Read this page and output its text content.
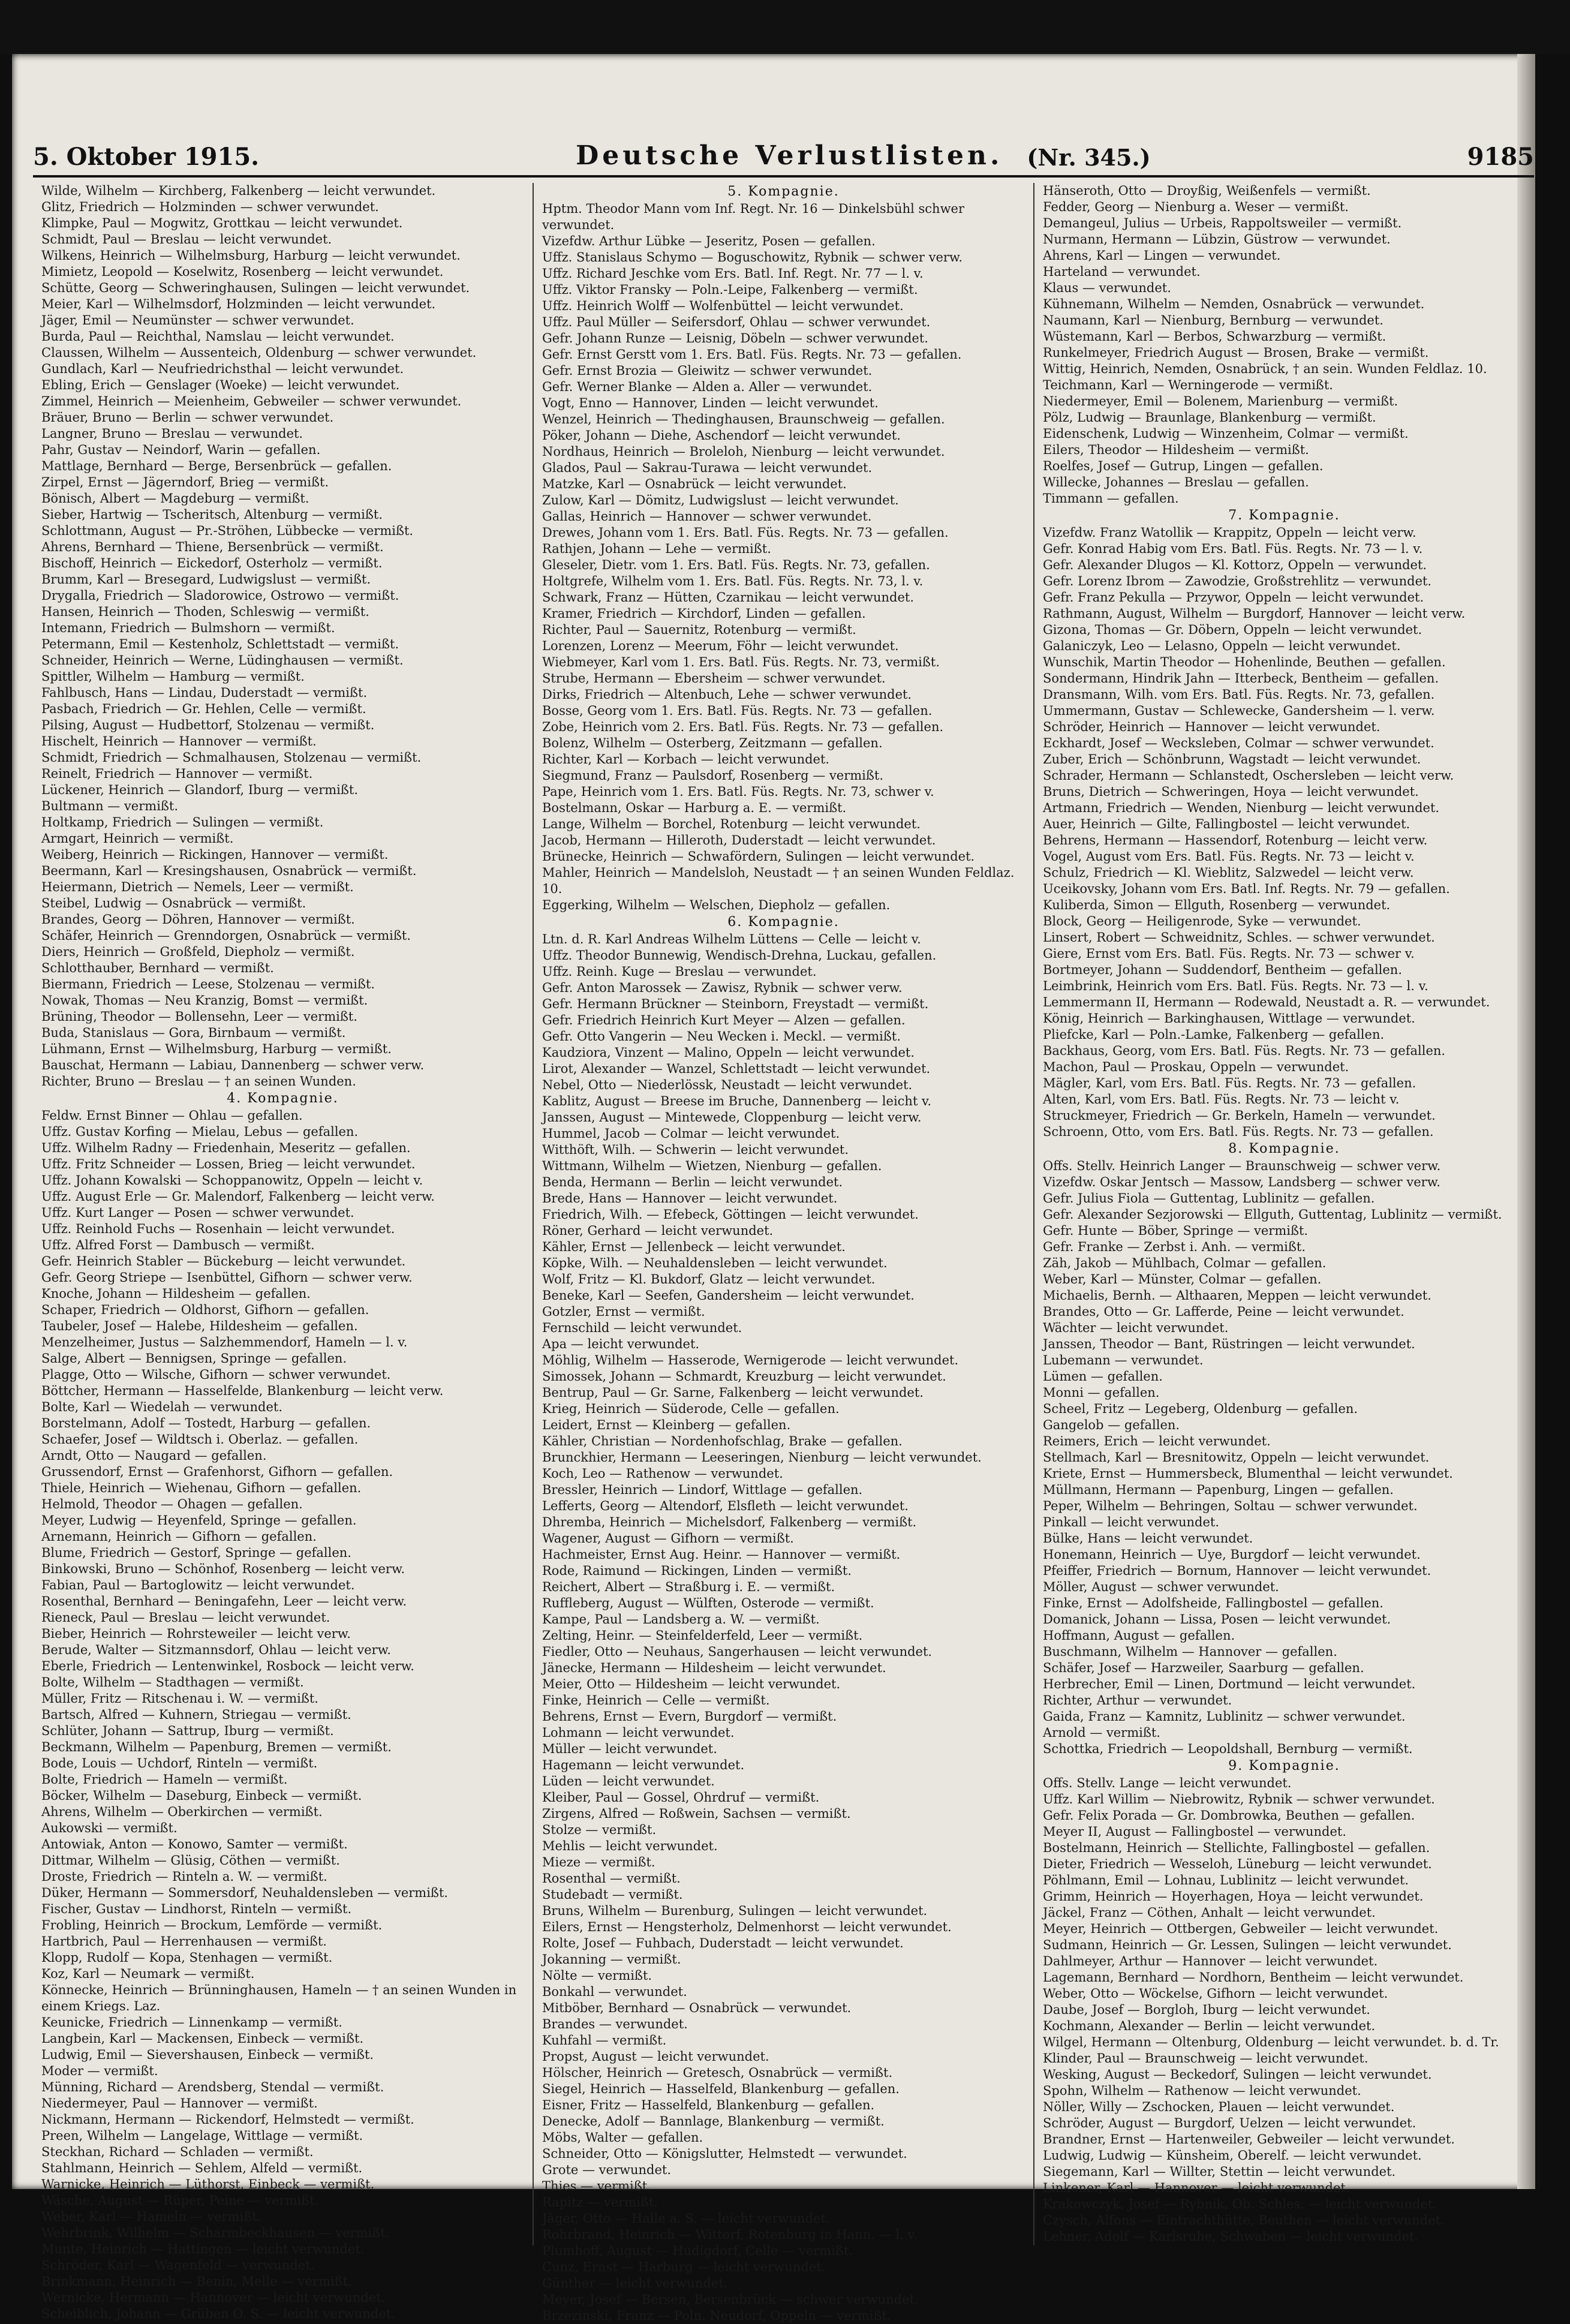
5. Oktober 1915.	Deutsche Verlustlisten. (Nr. 345.)	9185
Wilde, Wilhelm — Kirchberg, Falkenberg — leicht verwundet.
Glitz, Friedrich — Holzminden — schwer verwundet.
Klimpke, Paul — Mogwitz, Grottkau — leicht verwundet.
Schmidt, Paul — Breslau — leicht verwundet.
Wilkens, Heinrich — Wilhelmsburg, Harburg — leicht verwundet.
Mimietz, Leopold — Koselwitz, Rosenberg — leicht verwundet.
Schütte, Georg — Schweringhausen, Sulingen — leicht verwundet.
Meier, Karl — Wilhelmsdorf, Holzminden — leicht verwundet.
Jäger, Emil — Neumünster — schwer verwundet.
Burda, Paul — Reichthal, Namslau — leicht verwundet.
Claussen, Wilhelm — Aussenteich, Oldenburg — schwer verwundet.
Gundlach, Karl — Neufriedrichsthal — leicht verwundet.
Ebling, Erich — Genslager (Woeke) — leicht verwundet.
Zimmel, Heinrich — Meienheim, Gebweiler — schwer verwundet.
Bräuer, Bruno — Berlin — schwer verwundet.
Langner, Bruno — Breslau — verwundet.
Pahr, Gustav — Neindorf, Warin — gefallen.
Mattlage, Bernhard — Berge, Bersenbrück — gefallen.
Zirpel, Ernst — Jägerndorf, Brieg — vermißt.
Bönisch, Albert — Magdeburg — vermißt.
Sieber, Hartwig — Tscheritsch, Altenburg — vermißt.
Schlottmann, August — Pr.-Ströhen, Lübbecke — vermißt.
Ahrens, Bernhard — Thiene, Bersenbrück — vermißt.
Bischoff, Heinrich — Eickedorf, Osterholz — vermißt.
Brumm, Karl — Bresegard, Ludwigslust — vermißt.
Drygalla, Friedrich — Sladorowice, Ostrowo — vermißt.
Hansen, Heinrich — Thoden, Schleswig — vermißt.
Intemann, Friedrich — Bulmshorn — vermißt.
Petermann, Emil — Kestenholz, Schlettstadt — vermißt.
Schneider, Heinrich — Werne, Lüdinghausen — vermißt.
Spittler, Wilhelm — Hamburg — vermißt.
Fahlbusch, Hans — Lindau, Duderstadt — vermißt.
Pasbach, Friedrich — Gr. Hehlen, Celle — vermißt.
Pilsing, August — Hudbettorf, Stolzenau — vermißt.
Hischelt, Heinrich — Hannover — vermißt.
Schmidt, Friedrich — Schmalhausen, Stolzenau — vermißt.
Reinelt, Friedrich — Hannover — vermißt.
Lückener, Heinrich — Glandorf, Iburg — vermißt.
Bultmann — vermißt.
Holtkamp, Friedrich — Sulingen — vermißt.
Armgart, Heinrich — vermißt.
Weiberg, Heinrich — Rickingen, Hannover — vermißt.
Beermann, Karl — Kresingshausen, Osnabrück — vermißt.
Heiermann, Dietrich — Nemels, Leer — vermißt.
Steibel, Ludwig — Osnabrück — vermißt.
Brandes, Georg — Döhren, Hannover — vermißt.
Schäfer, Heinrich — Grenndorgen, Osnabrück — vermißt.
Diers, Heinrich — Großfeld, Diepholz — vermißt.
Schlotthauber, Bernhard — vermißt.
Biermann, Friedrich — Leese, Stolzenau — vermißt.
Nowak, Thomas — Neu Kranzig, Bomst — vermißt.
Brüning, Theodor — Bollensehn, Leer — vermißt.
Buda, Stanislaus — Gora, Birnbaum — vermißt.
Lühmann, Ernst — Wilhelmsburg, Harburg — vermißt.
Bauschat, Hermann — Labiau, Dannenberg — schwer verw.
Richter, Bruno — Breslau — † an seinen Wunden.
4. Kompagnie.
Feldw. Ernst Binner — Ohlau — gefallen.
Uffz. Gustav Korfing — Mielau, Lebus — gefallen.
Uffz. Wilhelm Radny — Friedenhain, Meseritz — gefallen.
Uffz. Fritz Schneider — Lossen, Brieg — leicht verwundet.
Uffz. Johann Kowalski — Schoppanowitz, Oppeln — leicht v.
Uffz. August Erle — Gr. Malendorf, Falkenberg — leicht verw.
Uffz. Kurt Langer — Posen — schwer verwundet.
Uffz. Reinhold Fuchs — Rosenhain — leicht verwundet.
Uffz. Alfred Forst — Dambusch — vermißt.
Gefr. Heinrich Stabler — Bückeburg — leicht verwundet.
Gefr. Georg Striepe — Isenbüttel, Gifhorn — schwer verw.
Knoche, Johann — Hildesheim — gefallen.
Schaper, Friedrich — Oldhorst, Gifhorn — gefallen.
Taubeler, Josef — Halebe, Hildesheim — gefallen.
Menzelheimer, Justus — Salzhemmendorf, Hameln — l. v.
Salge, Albert — Bennigsen, Springe — gefallen.
Plagge, Otto — Wilsche, Gifhorn — schwer verwundet.
Böttcher, Hermann — Hasselfelde, Blankenburg — leicht verw.
Bolte, Karl — Wiedelah — verwundet.
Borstelmann, Adolf — Tostedt, Harburg — gefallen.
Schaefer, Josef — Wildtsch i. Oberlaz. — gefallen.
Arndt, Otto — Naugard — gefallen.
Grussendorf, Ernst — Grafenhorst, Gifhorn — gefallen.
Thiele, Heinrich — Wiehenau, Gifhorn — gefallen.
Helmold, Theodor — Ohagen — gefallen.
Meyer, Ludwig — Heyenfeld, Springe — gefallen.
Arnemann, Heinrich — Gifhorn — gefallen.
Blume, Friedrich — Gestorf, Springe — gefallen.
Binkowski, Bruno — Schönhof, Rosenberg — leicht verw.
Fabian, Paul — Bartoglowitz — leicht verwundet.
Rosenthal, Bernhard — Beningafehn, Leer — leicht verw.
Rieneck, Paul — Breslau — leicht verwundet.
Bieber, Heinrich — Rohrsteweiler — leicht verw.
Berude, Walter — Sitzmannsdorf, Ohlau — leicht verw.
Eberle, Friedrich — Lentenwinkel, Rosbock — leicht verw.
Bolte, Wilhelm — Stadthagen — vermißt.
Müller, Fritz — Ritschenau i. W. — vermißt.
Bartsch, Alfred — Kuhnern, Striegau — vermißt.
Schlüter, Johann — Sattrup, Iburg — vermißt.
Beckmann, Wilhelm — Papenburg, Bremen — vermißt.
Bode, Louis — Uchdorf, Rinteln — vermißt.
Bolte, Friedrich — Hameln — vermißt.
Böcker, Wilhelm — Daseburg, Einbeck — vermißt.
Ahrens, Wilhelm — Oberkirchen — vermißt.
Aukowski — vermißt.
Antowiak, Anton — Konowo, Samter — vermißt.
Dittmar, Wilhelm — Glüsig, Cöthen — vermißt.
Droste, Friedrich — Rinteln a. W. — vermißt.
Düker, Hermann — Sommersdorf, Neuhaldensleben — vermißt.
Fischer, Gustav — Lindhorst, Rinteln — vermißt.
Frobling, Heinrich — Brockum, Lemförde — vermißt.
Hartbrich, Paul — Herrenhausen — vermißt.
Klopp, Rudolf — Kopa, Stenhagen — vermißt.
Koz, Karl — Neumark — vermißt.
Könnecke, Heinrich — Brünninghausen, Hameln — † an seinen Wunden in einem Kriegs. Laz.
Keunicke, Friedrich — Linnenkamp — vermißt.
Langbein, Karl — Mackensen, Einbeck — vermißt.
Ludwig, Emil — Sievershausen, Einbeck — vermißt.
Moder — vermißt.
Münning, Richard — Arendsberg, Stendal — vermißt.
Niedermeyer, Paul — Hannover — vermißt.
Nickmann, Hermann — Rickendorf, Helmstedt — vermißt.
Preen, Wilhelm — Langelage, Wittlage — vermißt.
Steckhan, Richard — Schladen — vermißt.
Stahlmann, Heinrich — Sehlem, Alfeld — vermißt.
Warnicke, Heinrich — Lüthorst, Einbeck — vermißt.
Wäsche, August — Rüper, Peine — vermißt.
Weber, Karl — Hameln — vermißt.
Wehrbrink, Wilhelm — Scharmbeckhausen — vermißt.
Munte, Heinrich — Hattingen — leicht verwundet.
Schröder, Karl — Wagenfeld — verwundet.
Brinkmann, Heinrich — Benin, Melle — vermißt.
Wernicke, Hermann — Hannover — leicht verwundet.
Scheiblich, Johann — Grüben O. S. — leicht verwundet.
5. Kompagnie.
Hptm. Theodor Mann vom Inf. Regt. Nr. 16 — Dinkelsbühl schwer verwundet.
Vizefdw. Arthur Lübke — Jeseritz, Posen — gefallen.
Uffz. Stanislaus Schymo — Boguschowitz, Rybnik — schwer verw.
Uffz. Richard Jeschke vom Ers. Batl. Inf. Regt. Nr. 77 — l. v.
Uffz. Viktor Fransky — Poln.-Leipe, Falkenberg — vermißt.
Uffz. Heinrich Wolff — Wolfenbüttel — leicht verwundet.
Uffz. Paul Müller — Seifersdorf, Ohlau — schwer verwundet.
Gefr. Johann Runze — Leisnig, Döbeln — schwer verwundet.
Gefr. Ernst Gerstt vom 1. Ers. Batl. Füs. Regts. Nr. 73 — gefallen.
Gefr. Ernst Brozia — Gleiwitz — schwer verwundet.
Gefr. Werner Blanke — Alden a. Aller — verwundet.
Vogt, Enno — Hannover, Linden — leicht verwundet.
Wenzel, Heinrich — Thedinghausen, Braunschweig — gefallen.
Pöker, Johann — Diehe, Aschendorf — leicht verwundet.
Nordhaus, Heinrich — Broleloh, Nienburg — leicht verwundet.
Glados, Paul — Sakrau-Turawa — leicht verwundet.
Matzke, Karl — Osnabrück — leicht verwundet.
Zulow, Karl — Dömitz, Ludwigslust — leicht verwundet.
Gallas, Heinrich — Hannover — schwer verwundet.
Drewes, Johann vom 1. Ers. Batl. Füs. Regts. Nr. 73 — gefallen.
Rathjen, Johann — Lehe — vermißt.
Gleseler, Dietr. vom 1. Ers. Batl. Füs. Regts. Nr. 73, gefallen.
Holtgrefe, Wilhelm vom 1. Ers. Batl. Füs. Regts. Nr. 73, l. v.
Schwark, Franz — Hütten, Czarnikau — leicht verwundet.
Kramer, Friedrich — Kirchdorf, Linden — gefallen.
Richter, Paul — Sauernitz, Rotenburg — vermißt.
Lorenzen, Lorenz — Meerum, Föhr — leicht verwundet.
Wiebmeyer, Karl vom 1. Ers. Batl. Füs. Regts. Nr. 73, vermißt.
Strube, Hermann — Ebersheim — schwer verwundet.
Dirks, Friedrich — Altenbuch, Lehe — schwer verwundet.
Bosse, Georg vom 1. Ers. Batl. Füs. Regts. Nr. 73 — gefallen.
Zobe, Heinrich vom 2. Ers. Batl. Füs. Regts. Nr. 73 — gefallen.
Bolenz, Wilhelm — Osterberg, Zeitzmann — gefallen.
Richter, Karl — Korbach — leicht verwundet.
Siegmund, Franz — Paulsdorf, Rosenberg — vermißt.
Pape, Heinrich vom 1. Ers. Batl. Füs. Regts. Nr. 73, schwer v.
Bostelmann, Oskar — Harburg a. E. — vermißt.
Lange, Wilhelm — Borchel, Rotenburg — leicht verwundet.
Jacob, Hermann — Hilleroth, Duderstadt — leicht verwundet.
Brünecke, Heinrich — Schwafördern, Sulingen — leicht verwundet.
Mahler, Heinrich — Mandelsloh, Neustadt — † an seinen Wunden Feldlaz. 10.
Eggerking, Wilhelm — Welschen, Diepholz — gefallen.
6. Kompagnie.
Ltn. d. R. Karl Andreas Wilhelm Lüttens — Celle — leicht v.
Uffz. Theodor Bunnewig, Wendisch-Drehna, Luckau, gefallen.
Uffz. Reinh. Kuge — Breslau — verwundet.
Gefr. Anton Marossek — Zawisz, Rybnik — schwer verw.
Gefr. Hermann Brückner — Steinborn, Freystadt — vermißt.
Gefr. Friedrich Heinrich Kurt Meyer — Alzen — gefallen.
Gefr. Otto Vangerin — Neu Wecken i. Meckl. — vermißt.
Kaudziora, Vinzent — Malino, Oppeln — leicht verwundet.
Lirot, Alexander — Wanzel, Schlettstadt — leicht verwundet.
Nebel, Otto — Niederlössk, Neustadt — leicht verwundet.
Kablitz, August — Breese im Bruche, Dannenberg — leicht v.
Janssen, August — Mintewede, Cloppenburg — leicht verw.
Hummel, Jacob — Colmar — leicht verwundet.
Witthöft, Wilh. — Schwerin — leicht verwundet.
Wittmann, Wilhelm — Wietzen, Nienburg — gefallen.
Benda, Hermann — Berlin — leicht verwundet.
Brede, Hans — Hannover — leicht verwundet.
Friedrich, Wilh. — Efebeck, Göttingen — leicht verwundet.
Röner, Gerhard — leicht verwundet.
Kähler, Ernst — Jellenbeck — leicht verwundet.
Köpke, Wilh. — Neuhaldensleben — leicht verwundet.
Wolf, Fritz — Kl. Bukdorf, Glatz — leicht verwundet.
Beneke, Karl — Seefen, Gandersheim — leicht verwundet.
Gotzler, Ernst — vermißt.
Fernschild — leicht verwundet.
Apa — leicht verwundet.
Möhlig, Wilhelm — Hasserode, Wernigerode — leicht verwundet.
Simossek, Johann — Schmardt, Kreuzburg — leicht verwundet.
Bentrup, Paul — Gr. Sarne, Falkenberg — leicht verwundet.
Krieg, Heinrich — Süderode, Celle — gefallen.
Leidert, Ernst — Kleinberg — gefallen.
Kähler, Christian — Nordenhofschlag, Brake — gefallen.
Brunckhier, Hermann — Leeseringen, Nienburg — leicht verwundet.
Koch, Leo — Rathenow — verwundet.
Bressler, Heinrich — Lindorf, Wittlage — gefallen.
Lefferts, Georg — Altendorf, Elsfleth — leicht verwundet.
Dhremba, Heinrich — Michelsdorf, Falkenberg — vermißt.
Wagener, August — Gifhorn — vermißt.
Hachmeister, Ernst Aug. Heinr. — Hannover — vermißt.
Rode, Raimund — Rickingen, Linden — vermißt.
Reichert, Albert — Straßburg i. E. — vermißt.
Ruffleberg, August — Wülften, Osterode — vermißt.
Kampe, Paul — Landsberg a. W. — vermißt.
Zelting, Heinr. — Steinfelderfeld, Leer — vermißt.
Fiedler, Otto — Neuhaus, Sangerhausen — leicht verwundet.
Jänecke, Hermann — Hildesheim — leicht verwundet.
Meier, Otto — Hildesheim — leicht verwundet.
Finke, Heinrich — Celle — vermißt.
Behrens, Ernst — Evern, Burgdorf — vermißt.
Lohmann — leicht verwundet.
Müller — leicht verwundet.
Hagemann — leicht verwundet.
Lüden — leicht verwundet.
Kleiber, Paul — Gossel, Ohrdruf — vermißt.
Zirgens, Alfred — Roßwein, Sachsen — vermißt.
Stolze — vermißt.
Mehlis — leicht verwundet.
Mieze — vermißt.
Rosenthal — vermißt.
Studebadt — vermißt.
Bruns, Wilhelm — Burenburg, Sulingen — leicht verwundet.
Eilers, Ernst — Hengsterholz, Delmenhorst — leicht verwundet.
Rolte, Josef — Fuhbach, Duderstadt — leicht verwundet.
Jokanning — vermißt.
Nölte — vermißt.
Bonkahl — verwundet.
Mitböber, Bernhard — Osnabrück — verwundet.
Brandes — verwundet.
Kuhfahl — vermißt.
Propst, August — leicht verwundet.
Hölscher, Heinrich — Gretesch, Osnabrück — vermißt.
Siegel, Heinrich — Hasselfeld, Blankenburg — gefallen.
Eisner, Fritz — Hasselfeld, Blankenburg — gefallen.
Denecke, Adolf — Bannlage, Blankenburg — vermißt.
Möbs, Walter — gefallen.
Schneider, Otto — Königslutter, Helmstedt — verwundet.
Grote — verwundet.
Thies — vermißt.
Rapitz — vermißt.
Jäger, Otto — Halle a. S. — leicht verwundet.
Rohrbrand, Heinrich — Wittorf, Rotenburg in Hann. — l. v.
Plumhoff, August — Hudigdorf, Celle — vermißt.
Cunz, Ernst — Harburg — leicht verwundet.
Günther — leicht verwundet.
Meyer, Josef — Bersen, Bersenbrück — schwer verwundet.
Brzezinski, Franz — Poln. Neudorf, Oppeln — vermißt.
Hänseroth, Otto — Droyßig, Weißenfels — vermißt.
Fedder, Georg — Nienburg a. Weser — vermißt.
Demangeul, Julius — Urbeis, Rappoltsweiler — vermißt.
Nurmann, Hermann — Lübzin, Güstrow — verwundet.
Ahrens, Karl — Lingen — verwundet.
Harteland — verwundet.
Klaus — verwundet.
Kühnemann, Wilhelm — Nemden, Osnabrück — verwundet.
Naumann, Karl — Nienburg, Bernburg — verwundet.
Wüstemann, Karl — Berbos, Schwarzburg — vermißt.
Runkelmeyer, Friedrich August — Brosen, Brake — vermißt.
Wittig, Heinrich, Nemden, Osnabrück, † an sein. Wunden Feldlaz. 10.
Teichmann, Karl — Werningerode — vermißt.
Niedermeyer, Emil — Bolenem, Marienburg — vermißt.
Pölz, Ludwig — Braunlage, Blankenburg — vermißt.
Eidenschenk, Ludwig — Winzenheim, Colmar — vermißt.
Eilers, Theodor — Hildesheim — vermißt.
Roelfes, Josef — Gutrup, Lingen — gefallen.
Willecke, Johannes — Breslau — gefallen.
Timmann — gefallen.
7. Kompagnie.
Vizefdw. Franz Watollik — Krappitz, Oppeln — leicht verw.
Gefr. Konrad Habig vom Ers. Batl. Füs. Regts. Nr. 73 — l. v.
Gefr. Alexander Dlugos — Kl. Kottorz, Oppeln — verwundet.
Gefr. Lorenz Ibrom — Zawodzie, Großstrehlitz — verwundet.
Gefr. Franz Pekulla — Przywor, Oppeln — leicht verwundet.
Rathmann, August, Wilhelm — Burgdorf, Hannover — leicht verw.
Gizona, Thomas — Gr. Döbern, Oppeln — leicht verwundet.
Galaniczyk, Leo — Lelasno, Oppeln — leicht verwundet.
Wunschik, Martin Theodor — Hohenlinde, Beuthen — gefallen.
Sondermann, Hindrik Jahn — Itterbeck, Bentheim — gefallen.
Dransmann, Wilh. vom Ers. Batl. Füs. Regts. Nr. 73, gefallen.
Ummermann, Gustav — Schlewecke, Gandersheim — l. verw.
Schröder, Heinrich — Hannover — leicht verwundet.
Eckhardt, Josef — Wecksleben, Colmar — schwer verwundet.
Zuber, Erich — Schönbrunn, Wagstadt — leicht verwundet.
Schrader, Hermann — Schlanstedt, Oschersleben — leicht verw.
Bruns, Dietrich — Schweringen, Hoya — leicht verwundet.
Artmann, Friedrich — Wenden, Nienburg — leicht verwundet.
Auer, Heinrich — Gilte, Fallingbostel — leicht verwundet.
Behrens, Hermann — Hassendorf, Rotenburg — leicht verw.
Vogel, August vom Ers. Batl. Füs. Regts. Nr. 73 — leicht v.
Schulz, Friedrich — Kl. Wieblitz, Salzwedel — leicht verw.
Uceikovsky, Johann vom Ers. Batl. Inf. Regts. Nr. 79 — gefallen.
Kuliberda, Simon — Ellguth, Rosenberg — verwundet.
Block, Georg — Heiligenrode, Syke — verwundet.
Linsert, Robert — Schweidnitz, Schles. — schwer verwundet.
Giere, Ernst vom Ers. Batl. Füs. Regts. Nr. 73 — schwer v.
Bortmeyer, Johann — Suddendorf, Bentheim — gefallen.
Leimbrink, Heinrich vom Ers. Batl. Füs. Regts. Nr. 73 — l. v.
Lemmermann II, Hermann — Rodewald, Neustadt a. R. — verwundet.
König, Heinrich — Barkinghausen, Wittlage — verwundet.
Pliefcke, Karl — Poln.-Lamke, Falkenberg — gefallen.
Backhaus, Georg, vom Ers. Batl. Füs. Regts. Nr. 73 — gefallen.
Machon, Paul — Proskau, Oppeln — verwundet.
Mägler, Karl, vom Ers. Batl. Füs. Regts. Nr. 73 — gefallen.
Alten, Karl, vom Ers. Batl. Füs. Regts. Nr. 73 — leicht v.
Struckmeyer, Friedrich — Gr. Berkeln, Hameln — verwundet.
Schroenn, Otto, vom Ers. Batl. Füs. Regts. Nr. 73 — gefallen.
8. Kompagnie.
Offs. Stellv. Heinrich Langer — Braunschweig — schwer verw.
Vizefdw. Oskar Jentsch — Massow, Landsberg — schwer verw.
Gefr. Julius Fiola — Guttentag, Lublinitz — gefallen.
Gefr. Alexander Sezjorowski — Ellguth, Guttentag, Lublinitz — vermißt.
Gefr. Hunte — Böber, Springe — vermißt.
Gefr. Franke — Zerbst i. Anh. — vermißt.
Zäh, Jakob — Mühlbach, Colmar — gefallen.
Weber, Karl — Münster, Colmar — gefallen.
Michaelis, Bernh. — Althaaren, Meppen — leicht verwundet.
Brandes, Otto — Gr. Lafferde, Peine — leicht verwundet.
Wächter — leicht verwundet.
Janssen, Theodor — Bant, Rüstringen — leicht verwundet.
Lubemann — verwundet.
Lümen — gefallen.
Monni — gefallen.
Scheel, Fritz — Legeberg, Oldenburg — gefallen.
Gangelob — gefallen.
Reimers, Erich — leicht verwundet.
Stellmach, Karl — Bresnitowitz, Oppeln — leicht verwundet.
Kriete, Ernst — Hummersbeck, Blumenthal — leicht verwundet.
Müllmann, Hermann — Papenburg, Lingen — gefallen.
Peper, Wilhelm — Behringen, Soltau — schwer verwundet.
Pinkall — leicht verwundet.
Bülke, Hans — leicht verwundet.
Honemann, Heinrich — Uye, Burgdorf — leicht verwundet.
Pfeiffer, Friedrich — Bornum, Hannover — leicht verwundet.
Möller, August — schwer verwundet.
Finke, Ernst — Adolfsheide, Fallingbostel — gefallen.
Domanick, Johann — Lissa, Posen — leicht verwundet.
Hoffmann, August — gefallen.
Buschmann, Wilhelm — Hannover — gefallen.
Schäfer, Josef — Harzweiler, Saarburg — gefallen.
Herbrecher, Emil — Linen, Dortmund — leicht verwundet.
Richter, Arthur — verwundet.
Gaida, Franz — Kamnitz, Lublinitz — schwer verwundet.
Arnold — vermißt.
Schottka, Friedrich — Leopoldshall, Bernburg — vermißt.
9. Kompagnie.
Offs. Stellv. Lange — leicht verwundet.
Uffz. Karl Willim — Niebrowitz, Rybnik — schwer verwundet.
Gefr. Felix Porada — Gr. Dombrowka, Beuthen — gefallen.
Meyer II, August — Fallingbostel — verwundet.
Bostelmann, Heinrich — Stellichte, Fallingbostel — gefallen.
Dieter, Friedrich — Wesseloh, Lüneburg — leicht verwundet.
Pöhlmann, Emil — Lohnau, Lublinitz — leicht verwundet.
Grimm, Heinrich — Hoyerhagen, Hoya — leicht verwundet.
Jäckel, Franz — Cöthen, Anhalt — leicht verwundet.
Meyer, Heinrich — Ottbergen, Gebweiler — leicht verwundet.
Sudmann, Heinrich — Gr. Lessen, Sulingen — leicht verwundet.
Dahlmeyer, Arthur — Hannover — leicht verwundet.
Lagemann, Bernhard — Nordhorn, Bentheim — leicht verwundet.
Weber, Otto — Wöckelse, Gifhorn — leicht verwundet.
Daube, Josef — Borgloh, Iburg — leicht verwundet.
Kochmann, Alexander — Berlin — leicht verwundet.
Wilgel, Hermann — Oltenburg, Oldenburg — leicht verwundet. b. d. Tr.
Klinder, Paul — Braunschweig — leicht verwundet.
Wesking, August — Beckedorf, Sulingen — leicht verwundet.
Spohn, Wilhelm — Rathenow — leicht verwundet.
Nöller, Willy — Zschocken, Plauen — leicht verwundet.
Schröder, August — Burgdorf, Uelzen — leicht verwundet.
Brandner, Ernst — Hartenweiler, Gebweiler — leicht verwundet.
Ludwig, Ludwig — Künsheim, Oberelf. — leicht verwundet.
Siegemann, Karl — Willter, Stettin — leicht verwundet.
Linkener, Karl — Hannover — leicht verwundet.
Krakowczyk, Josef — Rybnik, Ob. Schles. — leicht verwundet.
Czysch, Alfons — Eintrachthütte, Beuthen — leicht verwundet.
Lehner, Adolf — Karlsruhe, Schwaben — leicht verwundet.
